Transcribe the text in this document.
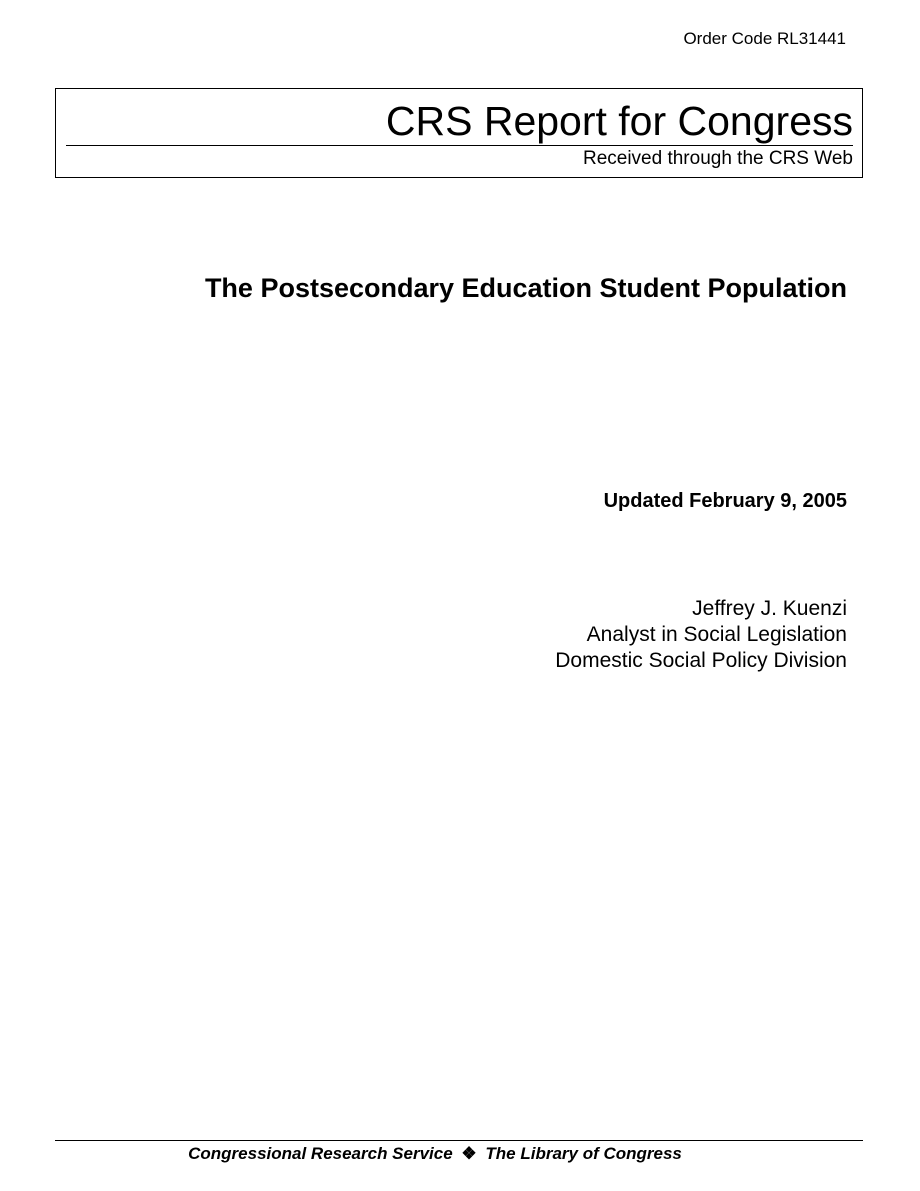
Order Code RL31441
CRS Report for Congress
Received through the CRS Web
The Postsecondary Education Student Population
Updated February 9, 2005
Jeffrey J. Kuenzi
Analyst in Social Legislation
Domestic Social Policy Division
Congressional Research Service ❖ The Library of Congress
